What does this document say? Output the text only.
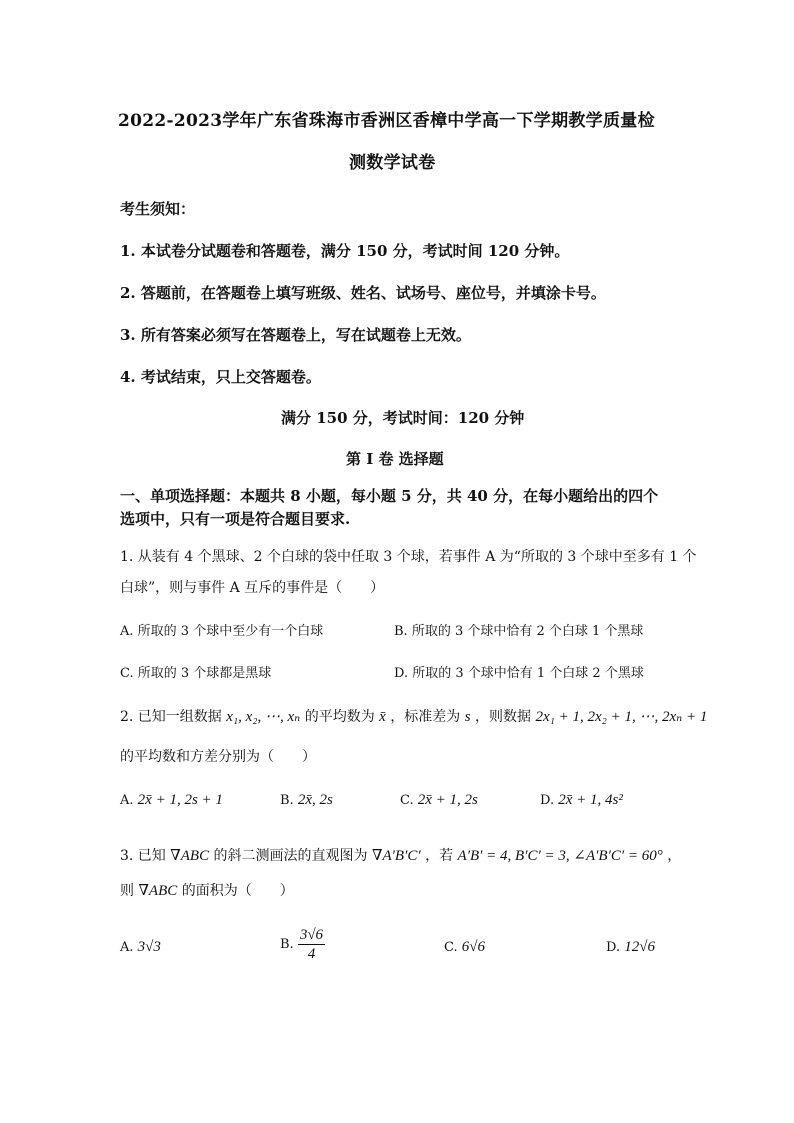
2022-2023学年广东省珠海市香洲区香樟中学高一下学期教学质量检
测数学试卷
考生须知：
1. 本试卷分试题卷和答题卷，满分 150 分，考试时间 120 分钟。
2. 答题前，在答题卷上填写班级、姓名、试场号、座位号，并填涂卡号。
3. 所有答案必须写在答题卷上，写在试题卷上无效。
4. 考试结束，只上交答题卷。
满分 150 分，考试时间：120 分钟
第 I 卷 选择题
一、单项选择题：本题共 8 小题，每小题 5 分，共 40 分，在每小题给出的四个
选项中，只有一项是符合题目要求.
1. 从装有 4 个黑球、2 个白球的袋中任取 3 个球，若事件 A 为“所取的 3 个球中至多有 1 个
白球”，则与事件 A 互斥的事件是（　　）
A. 所取的 3 个球中至少有一个白球	B. 所取的 3 个球中恰有 2 个白球 1 个黑球
C. 所取的 3 个球都是黑球	D. 所取的 3 个球中恰有 1 个白球 2 个黑球
2. 已知一组数据 x₁, x₂, ⋯, xₙ 的平均数为 x̄ ，标准差为 s ，则数据 2x₁ + 1, 2x₂ + 1, ⋯, 2xₙ + 1
的平均数和方差分别为（　　）
A. 2x̄ + 1, 2s + 1	B. 2x̄, 2s	C. 2x̄ + 1, 2s	D. 2x̄ + 1, 4s²
3. 已知 ∇ABC 的斜二测画法的直观图为 ∇A′B′C′ ，若 A′B′ = 4, B′C′ = 3, ∠A′B′C′ = 60° ，
则 ∇ABC 的面积为（　　）
A. 3√3	B. $\frac{3√6}{4}$	C. 6√6	D. 12√6
